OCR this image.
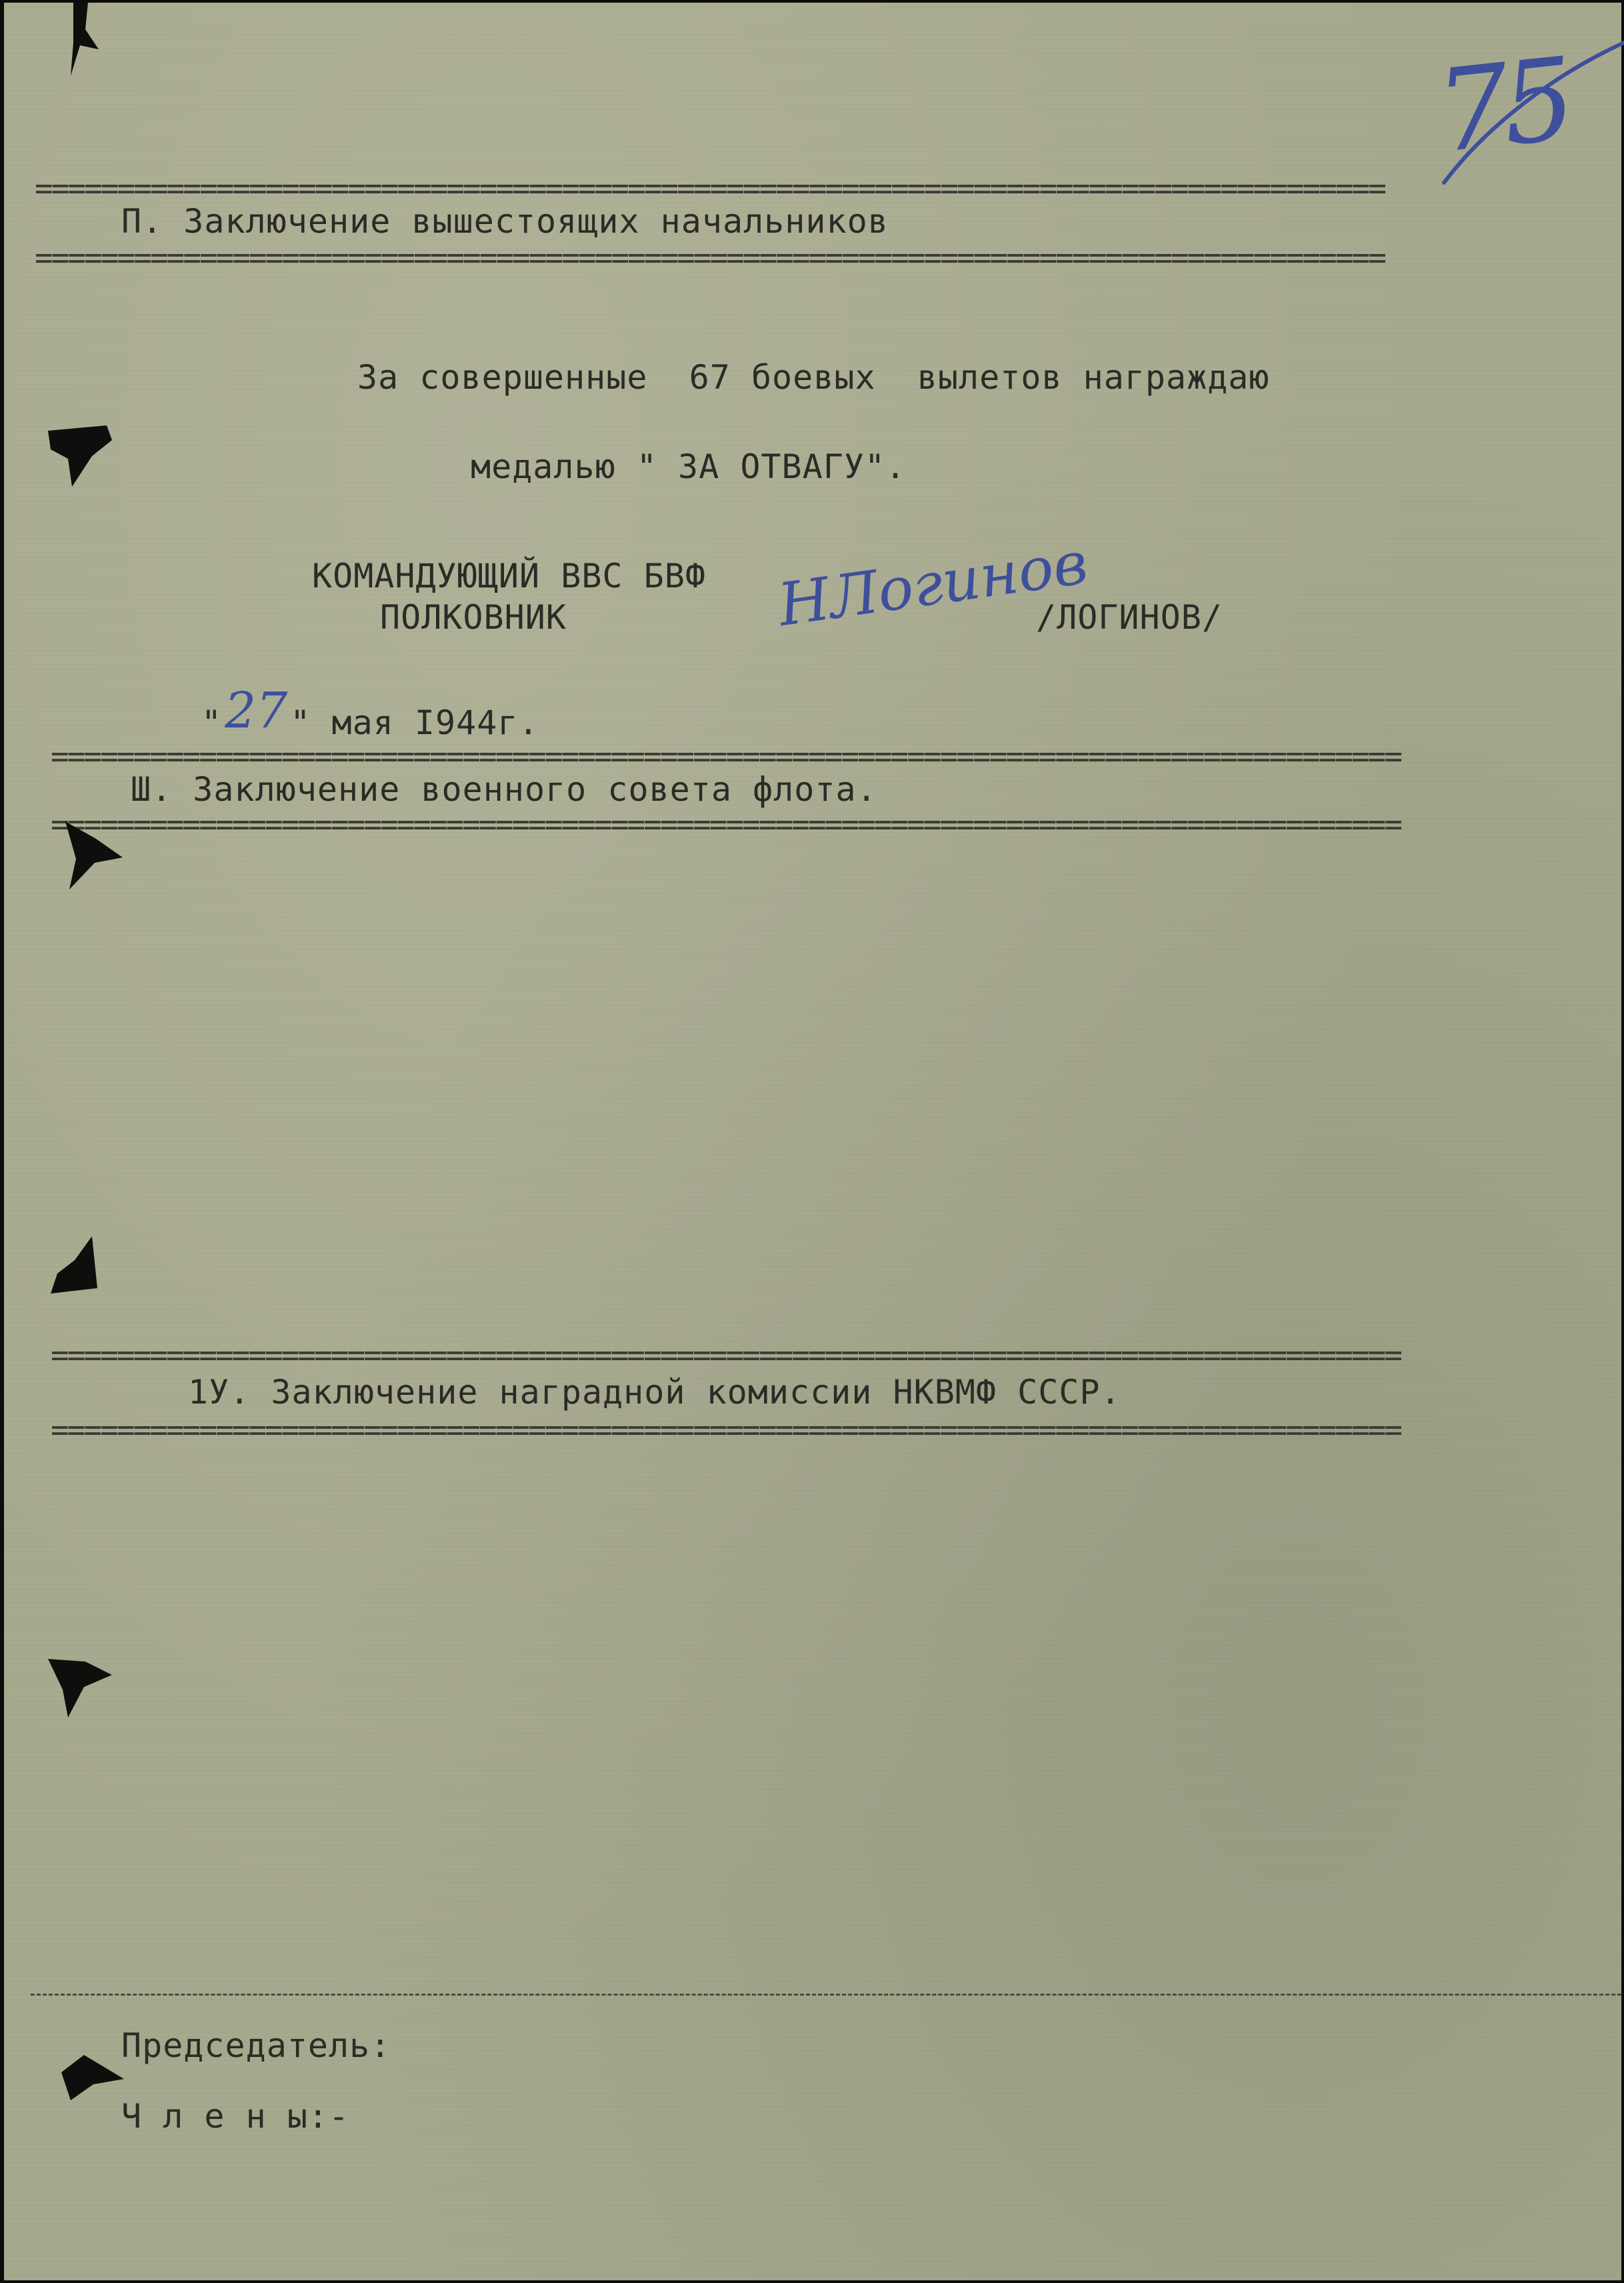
75
==================================================================================
П. Заключение вышестоящих начальников
==================================================================================
За совершенные  67 боевых  вылетов награждаю
медалью " ЗА ОТВАГУ".
КОМАНДУЮЩИЙ ВВС БВФ
ПОЛКОВНИК	НЛогинов
/ЛОГИНОВ/
" 27 " мая I944г.
==================================================================================
Ш. Заключение военного совета флота.
==================================================================================
==================================================================================
1У. Заключение наградной комиссии НКВМФ СССР.
==================================================================================
Председатель:
Ч л е н ы:-
